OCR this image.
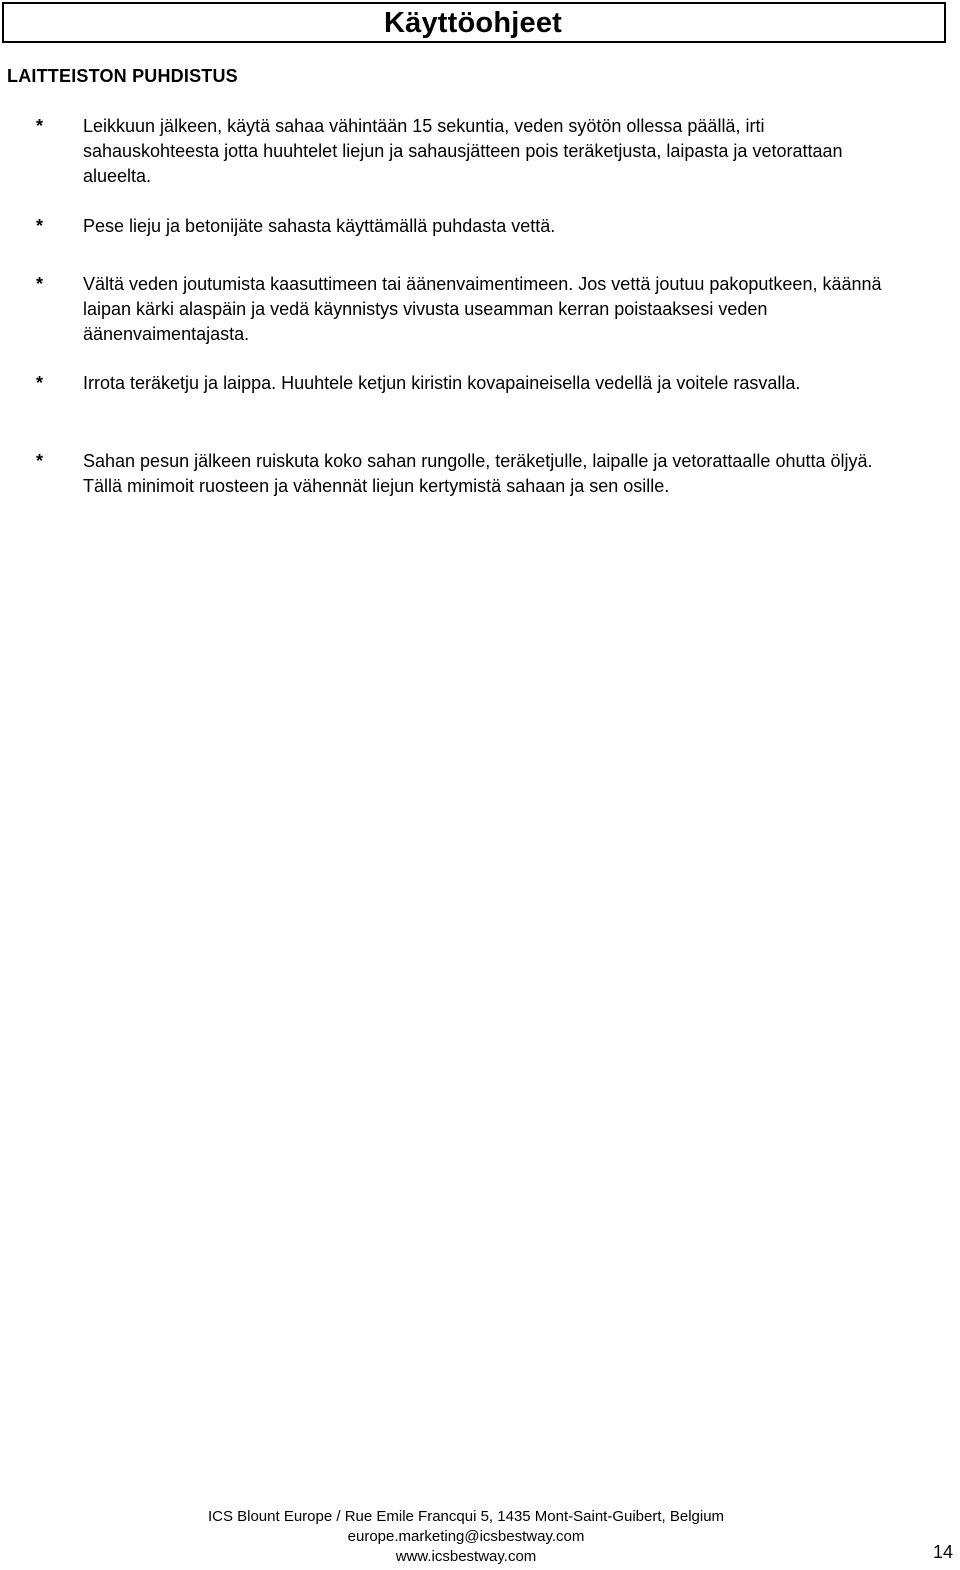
Käyttöohjeet
LAITTEISTON PUHDISTUS
* Leikkuun jälkeen, käytä sahaa vähintään 15 sekuntia, veden syötön ollessa päällä, irti
sahauskohteesta jotta huuhtelet liejun ja sahausjätteen pois teräketjusta, laipasta ja vetorattaan
alueelta.
* Pese lieju ja betonijäte sahasta käyttämällä puhdasta vettä.
* Vältä veden joutumista kaasuttimeen tai äänenvaimentimeen. Jos vettä joutuu pakoputkeen, käännä
laipan kärki alaspäin ja vedä käynnistys vivusta useamman kerran poistaaksesi veden
äänenvaimentajasta.
* Irrota teräketju ja laippa. Huuhtele ketjun kiristin kovapaineisella vedellä ja voitele rasvalla.
* Sahan pesun jälkeen ruiskuta koko sahan rungolle, teräketjulle, laipalle ja vetorattaalle ohutta öljyä.
Tällä minimoit ruosteen ja vähennät liejun kertymistä sahaan ja sen osille.
ICS Blount Europe / Rue Emile Francqui 5, 1435 Mont-Saint-Guibert, Belgium
europe.marketing@icsbestway.com
www.icsbestway.com	14
